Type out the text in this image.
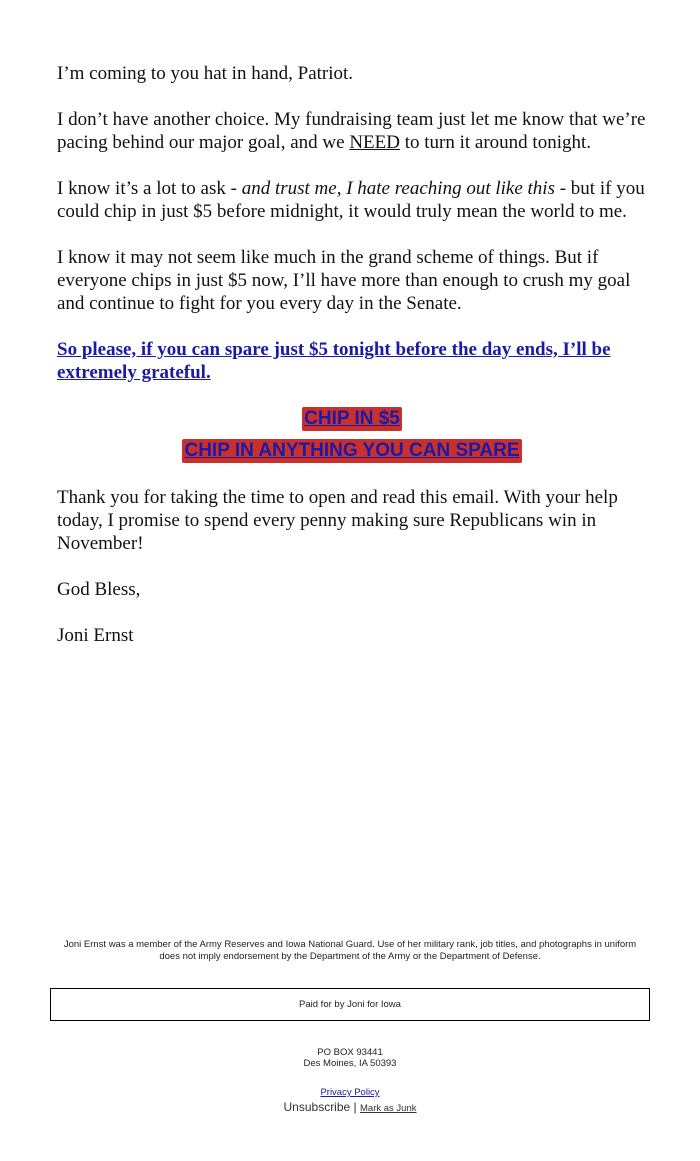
I’m coming to you hat in hand, Patriot.

I don’t have another choice. My fundraising team just let me know that we’re pacing behind our major goal, and we NEED to turn it around tonight.

I know it’s a lot to ask - and trust me, I hate reaching out like this - but if you could chip in just $5 before midnight, it would truly mean the world to me.

I know it may not seem like much in the grand scheme of things. But if everyone chips in just $5 now, I’ll have more than enough to crush my goal and continue to fight for you every day in the Senate.

So please, if you can spare just $5 tonight before the day ends, I’ll be extremely grateful.

CHIP IN $5
CHIP IN ANYTHING YOU CAN SPARE

Thank you for taking the time to open and read this email. With your help today, I promise to spend every penny making sure Republicans win in November!

God Bless,

Joni Ernst

Joni Ernst was a member of the Army Reserves and Iowa National Guard. Use of her military rank, job titles, and photographs in uniform does not imply endorsement by the Department of the Army or the Department of Defense.
Paid for by Joni for Iowa
PO BOX 93441
Des Moines, IA 50393
Privacy Policy
Unsubscribe | Mark as Junk
